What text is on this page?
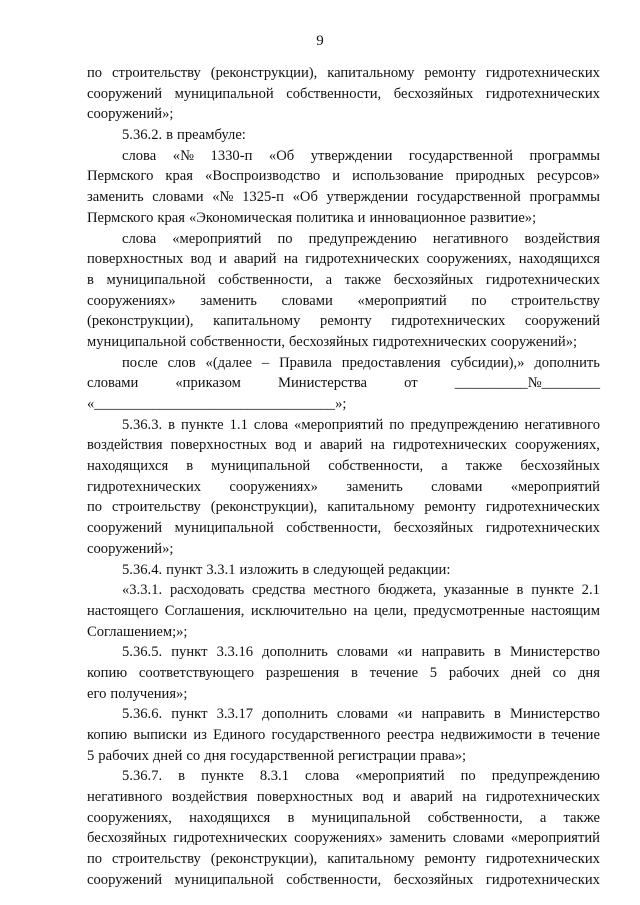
9
по строительству (реконструкции), капитальному ремонту гидротехнических
сооружений муниципальной собственности, бесхозяйных гидротехнических
сооружений»;
5.36.2. в преамбуле:
слова «№ 1330-п «Об утверждении государственной программы
Пермского края «Воспроизводство и использование природных ресурсов»
заменить словами «№ 1325-п «Об утверждении государственной программы
Пермского края «Экономическая политика и инновационное развитие»;
слова «мероприятий по предупреждению негативного воздействия
поверхностных вод и аварий на гидротехнических сооружениях, находящихся
в муниципальной собственности, а также бесхозяйных гидротехнических
сооружениях» заменить словами «мероприятий по строительству
(реконструкции), капитальному ремонту гидротехнических сооружений
муниципальной собственности, бесхозяйных гидротехнических сооружений»;
после слов «(далее – Правила предоставления субсидии),» дополнить
словами	«приказом	Министерства	от	__________№________
«_________________________________»;
5.36.3. в пункте 1.1 слова «мероприятий по предупреждению негативного
воздействия поверхностных вод и аварий на гидротехнических сооружениях,
находящихся в муниципальной собственности, а также бесхозяйных
гидротехнических сооружениях» заменить словами «мероприятий
по строительству (реконструкции), капитальному ремонту гидротехнических
сооружений муниципальной собственности, бесхозяйных гидротехнических
сооружений»;
5.36.4. пункт 3.3.1 изложить в следующей редакции:
«3.3.1. расходовать средства местного бюджета, указанные в пункте 2.1
настоящего Соглашения, исключительно на цели, предусмотренные настоящим
Соглашением;»;
5.36.5. пункт 3.3.16 дополнить словами «и направить в Министерство
копию соответствующего разрешения в течение 5 рабочих дней со дня
его получения»;
5.36.6. пункт 3.3.17 дополнить словами «и направить в Министерство
копию выписки из Единого государственного реестра недвижимости в течение
5 рабочих дней со дня государственной регистрации права»;
5.36.7. в пункте 8.3.1 слова «мероприятий по предупреждению
негативного воздействия поверхностных вод и аварий на гидротехнических
сооружениях, находящихся в муниципальной собственности, а также
бесхозяйных гидротехнических сооружениях» заменить словами «мероприятий
по строительству (реконструкции), капитальному ремонту гидротехнических
сооружений муниципальной собственности, бесхозяйных гидротехнических
